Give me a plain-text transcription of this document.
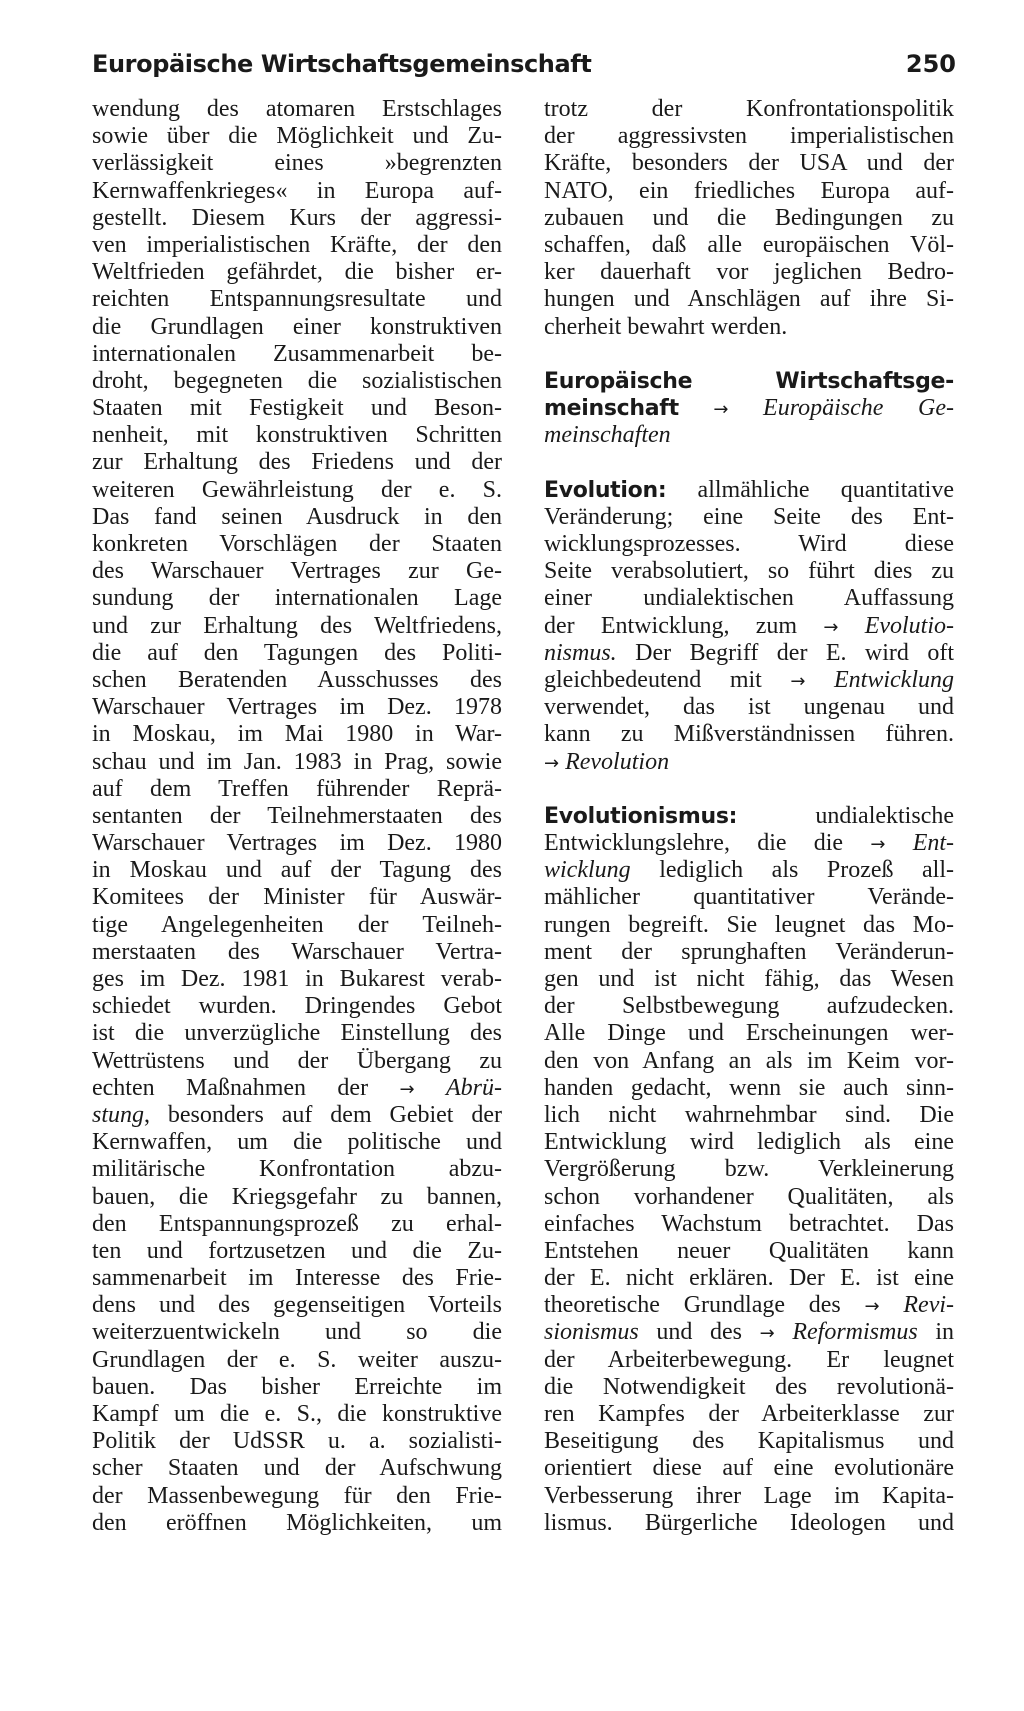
Europäische Wirtschaftsgemeinschaft	250
wendung des atomaren Erstschlages
sowie über die Möglichkeit und Zu-
verlässigkeit eines »begrenzten
Kernwaffenkrieges« in Europa auf-
gestellt. Diesem Kurs der aggressi-
ven imperialistischen Kräfte, der den
Weltfrieden gefährdet, die bisher er-
reichten Entspannungsresultate und
die Grundlagen einer konstruktiven
internationalen Zusammenarbeit be-
droht, begegneten die sozialistischen
Staaten mit Festigkeit und Beson-
nenheit, mit konstruktiven Schritten
zur Erhaltung des Friedens und der
weiteren Gewährleistung der e. S.
Das fand seinen Ausdruck in den
konkreten Vorschlägen der Staaten
des Warschauer Vertrages zur Ge-
sundung der internationalen Lage
und zur Erhaltung des Weltfriedens,
die auf den Tagungen des Politi-
schen Beratenden Ausschusses des
Warschauer Vertrages im Dez. 1978
in Moskau, im Mai 1980 in War-
schau und im Jan. 1983 in Prag, sowie
auf dem Treffen führender Reprä-
sentanten der Teilnehmerstaaten des
Warschauer Vertrages im Dez. 1980
in Moskau und auf der Tagung des
Komitees der Minister für Auswär-
tige Angelegenheiten der Teilneh-
merstaaten des Warschauer Vertra-
ges im Dez. 1981 in Bukarest verab-
schiedet wurden. Dringendes Gebot
ist die unverzügliche Einstellung des
Wettrüstens und der Übergang zu
echten Maßnahmen der → Abrü-
stung, besonders auf dem Gebiet der
Kernwaffen, um die politische und
militärische Konfrontation abzu-
bauen, die Kriegsgefahr zu bannen,
den Entspannungsprozeß zu erhal-
ten und fortzusetzen und die Zu-
sammenarbeit im Interesse des Frie-
dens und des gegenseitigen Vorteils
weiterzuentwickeln und so die
Grundlagen der e. S. weiter auszu-
bauen. Das bisher Erreichte im
Kampf um die e. S., die konstruktive
Politik der UdSSR u. a. sozialisti-
scher Staaten und der Aufschwung
der Massenbewegung für den Frie-
den eröffnen Möglichkeiten, um
trotz der Konfrontationspolitik
der aggressivsten imperialistischen
Kräfte, besonders der USA und der
NATO, ein friedliches Europa auf-
zubauen und die Bedingungen zu
schaffen, daß alle europäischen Völ-
ker dauerhaft vor jeglichen Bedro-
hungen und Anschlägen auf ihre Si-
cherheit bewahrt werden.
Europäische Wirtschaftsge-
meinschaft → Europäische Ge-
meinschaften
Evolution: allmähliche quantitative
Veränderung; eine Seite des Ent-
wicklungsprozesses. Wird diese
Seite verabsolutiert, so führt dies zu
einer undialektischen Auffassung
der Entwicklung, zum → Evolutio-
nismus. Der Begriff der E. wird oft
gleichbedeutend mit → Entwicklung
verwendet, das ist ungenau und
kann zu Mißverständnissen führen.
→ Revolution
Evolutionismus:	undialektische
Entwicklungslehre, die die → Ent-
wicklung lediglich als Prozeß all-
mählicher quantitativer Verände-
rungen begreift. Sie leugnet das Mo-
ment der sprunghaften Veränderun-
gen und ist nicht fähig, das Wesen
der Selbstbewegung aufzudecken.
Alle Dinge und Erscheinungen wer-
den von Anfang an als im Keim vor-
handen gedacht, wenn sie auch sinn-
lich nicht wahrnehmbar sind. Die
Entwicklung wird lediglich als eine
Vergrößerung bzw. Verkleinerung
schon vorhandener Qualitäten, als
einfaches Wachstum betrachtet. Das
Entstehen neuer Qualitäten kann
der E. nicht erklären. Der E. ist eine
theoretische Grundlage des → Revi-
sionismus und des → Reformismus in
der Arbeiterbewegung. Er leugnet
die Notwendigkeit des revolutionä-
ren Kampfes der Arbeiterklasse zur
Beseitigung des Kapitalismus und
orientiert diese auf eine evolutionäre
Verbesserung ihrer Lage im Kapita-
lismus. Bürgerliche Ideologen und
